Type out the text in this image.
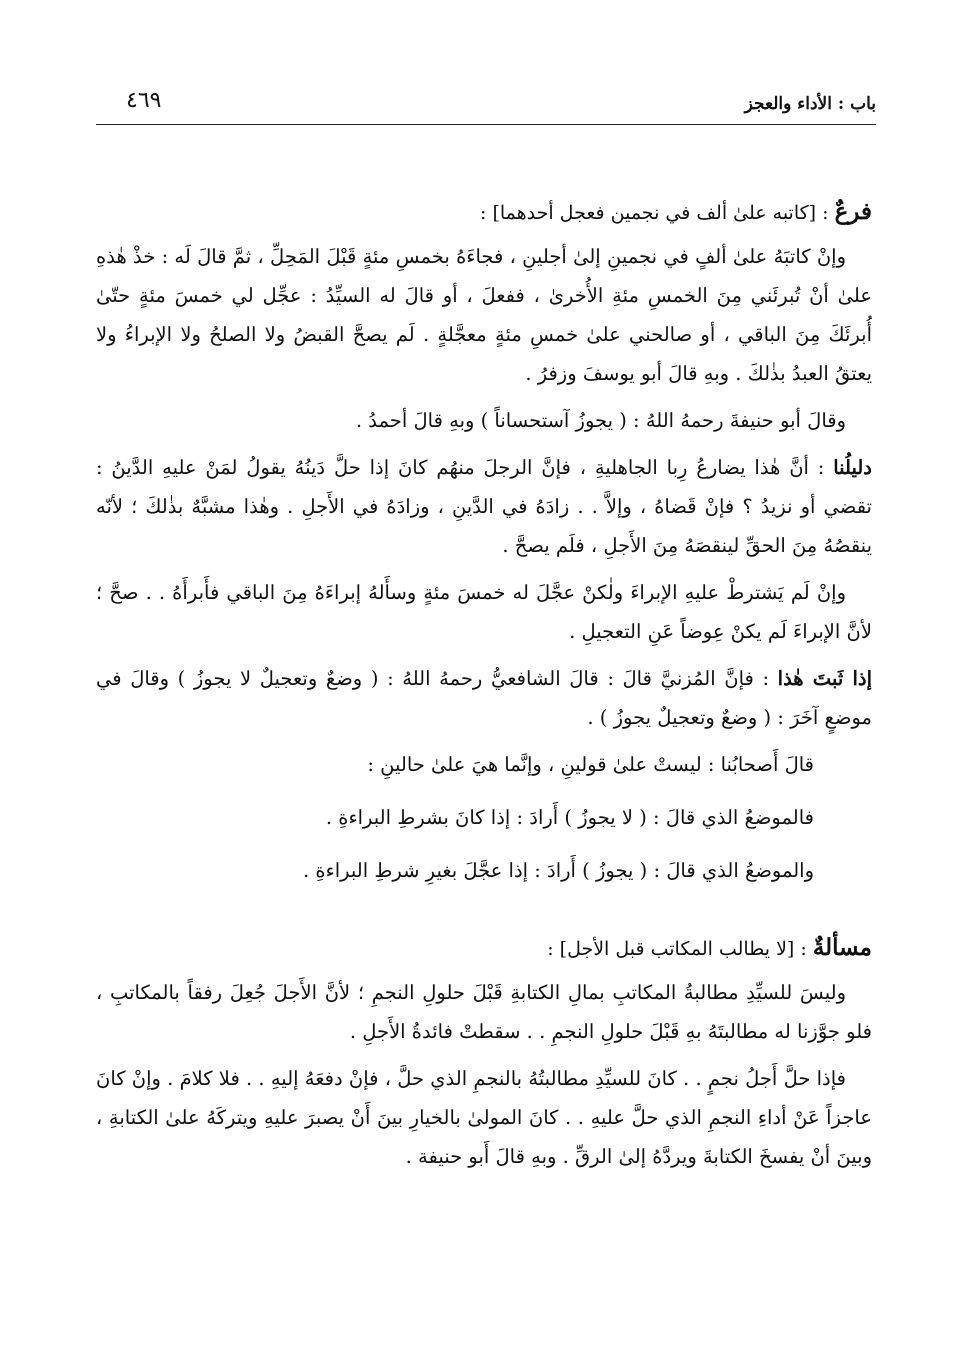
باب : الأداء والعجز
٤٦٩
فرعٌ : [كاتبه علىٰ ألف في نجمين فعجل أحدهما] :

وإنْ كاتبَهُ علىٰ ألفٍ في نجمينِ إلىٰ أجلينِ ، فجاءَهُ بخمسِ مئةٍ قَبْلَ المَحِلِّ ، ثمَّ قالَ لَه : خذْ هٰذهِ علىٰ أنْ تُبرئَني مِنَ الخمسِ مئةِ الأُخرىٰ ، ففعلَ ، أو قالَ له السيِّدُ : عجِّل لي خمسَ مئةٍ حتّىٰ أُبرئَكَ مِنَ الباقي ، أو صالحني علىٰ خمسِ مئةٍ معجَّلةٍ . لَم يصحَّ القبضُ ولا الصلحُ ولا الإبراءُ ولا يعتقُ العبدُ بذٰلكَ . وبهِ قالَ أبو يوسفَ وزفرُ .

وقالَ أبو حنيفةَ رحمهُ اللهُ : ( يجوزُ آستحساناً ) وبهِ قالَ أحمدُ .

دليلُنا : أنَّ هٰذا يضارعُ رِبا الجاهليةِ ، فإنَّ الرجلَ منهُم كانَ إذا حلَّ دَينُهُ يقولُ لمَنْ عليهِ الدَّينُ : تقضي أو نزيدُ ؟ فإنْ قَضاهُ ، وإلاَّ . . زادَهُ في الدَّينِ ، وزادَهُ في الأَجلِ . وهٰذا مشبَّهٌ بذٰلكَ ؛ لأنّه ينقصُهُ مِنَ الحقِّ لينقصَهُ مِنَ الأَجلِ ، فلَم يصحَّ .

وإنْ لَم يَشترطْ عليهِ الإبراءَ ولٰكنْ عجَّلَ له خمسَ مئةٍ وسأَلهُ إبراءَهُ مِنَ الباقي فأَبرأَهُ . . صحَّ ؛ لأنَّ الإبراءَ لَم يكنْ عِوضاً عَنِ التعجيلِ .

إذا ثَبتَ هٰذا : فإنَّ المُزنيَّ قالَ : قالَ الشافعيُّ رحمهُ اللهُ : ( وضعٌ وتعجيلٌ لا يجوزُ ) وقالَ في موضعٍ آخَرَ : ( وضعٌ وتعجيلٌ يجوزُ ) .

قالَ أَصحابُنا : ليستْ علىٰ قولينِ ، وإنَّما هيَ علىٰ حالينِ :

فالموضعُ الذي قالَ : ( لا يجوزُ ) أَرادَ : إذا كانَ بشرطِ البراءةِ .

والموضعُ الذي قالَ : ( يجوزُ ) أَرادَ : إذا عجَّلَ بغيرِ شرطِ البراءةِ .

مسألةٌ : [لا يطالب المكاتب قبل الأجل] :

وليسَ للسيِّدِ مطالبةُ المكاتبِ بمالِ الكتابةِ قَبْلَ حلولِ النجمِ ؛ لأنَّ الأَجلَ جُعِلَ رفقاً بالمكاتبِ ، فلو جوَّزنا له مطالبتَهُ بهِ قَبْلَ حلولِ النجمِ . . سقطتْ فائدةُ الأَجلِ .

فإذا حلَّ أَجلُ نجمٍ . . كانَ للسيِّدِ مطالبتُهُ بالنجمِ الذي حلَّ ، فإنْ دفعَهُ إليهِ . . فلا كلامَ . وإنْ كانَ عاجزاً عَنْ أداءِ النجمِ الذي حلَّ عليهِ . . كانَ المولىٰ بالخيارِ بينَ أَنْ يصبرَ عليهِ ويتركَهُ علىٰ الكتابةِ ، وبينَ أنْ يفسخَ الكتابةَ ويردَّهُ إلىٰ الرقِّ . وبهِ قالَ أَبو حنيفة .
